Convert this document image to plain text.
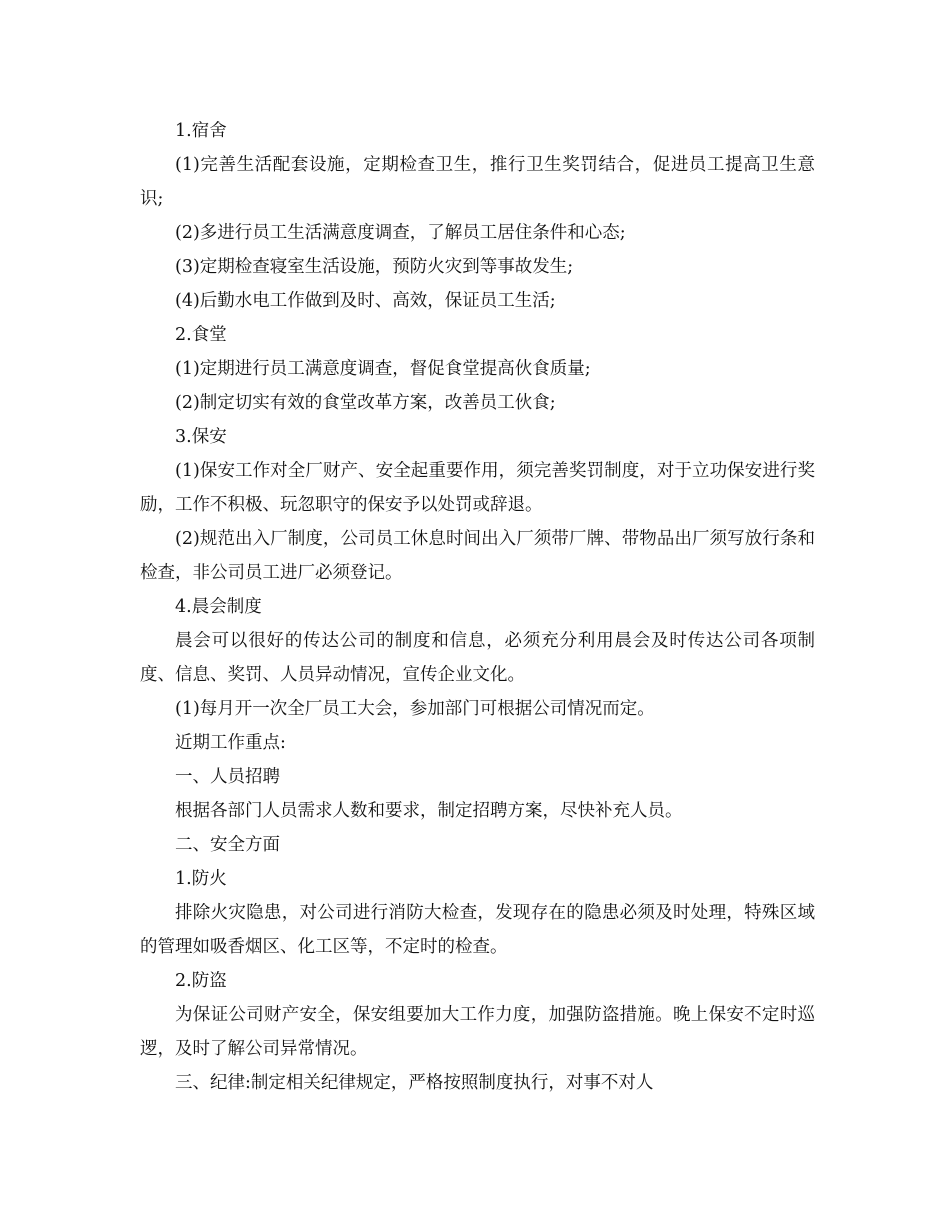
1.宿舍

(1)完善生活配套设施，定期检查卫生，推行卫生奖罚结合，促进员工提高卫生意识;

(2)多进行员工生活满意度调查，了解员工居住条件和心态;

(3)定期检查寝室生活设施，预防火灾到等事故发生;

(4)后勤水电工作做到及时、高效，保证员工生活;

2.食堂

(1)定期进行员工满意度调查，督促食堂提高伙食质量;

(2)制定切实有效的食堂改革方案，改善员工伙食;

3.保安

(1)保安工作对全厂财产、安全起重要作用，须完善奖罚制度，对于立功保安进行奖励，工作不积极、玩忽职守的保安予以处罚或辞退。

(2)规范出入厂制度，公司员工休息时间出入厂须带厂牌、带物品出厂须写放行条和检查，非公司员工进厂必须登记。

4.晨会制度

晨会可以很好的传达公司的制度和信息，必须充分利用晨会及时传达公司各项制度、信息、奖罚、人员异动情况，宣传企业文化。

(1)每月开一次全厂员工大会，参加部门可根据公司情况而定。

近期工作重点:

一、人员招聘

根据各部门人员需求人数和要求，制定招聘方案，尽快补充人员。

二、安全方面

1.防火

排除火灾隐患，对公司进行消防大检查，发现存在的隐患必须及时处理，特殊区域的管理如吸香烟区、化工区等，不定时的检查。

2.防盗

为保证公司财产安全，保安组要加大工作力度，加强防盗措施。晚上保安不定时巡逻，及时了解公司异常情况。

三、纪律:制定相关纪律规定，严格按照制度执行，对事不对人
